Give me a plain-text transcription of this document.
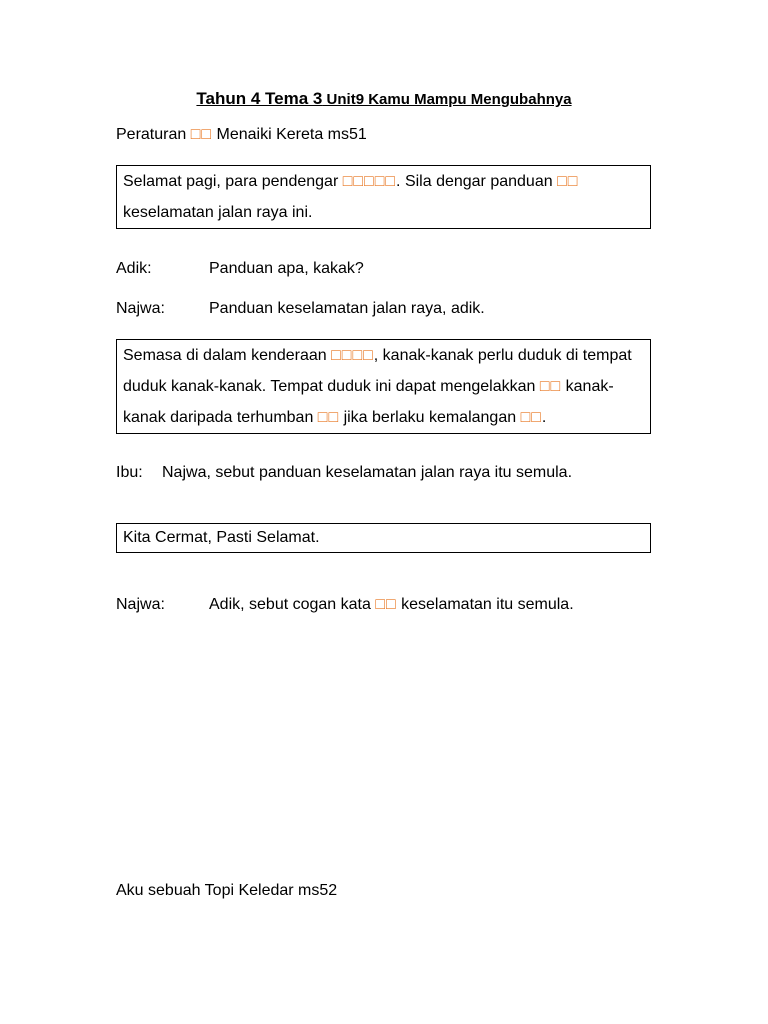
Tahun 4 Tema 3 Unit9 Kamu Mampu Mengubahnya
Peraturan □□ Menaiki Kereta ms51
Selamat pagi, para pendengar □□□□□. Sila dengar panduan □□
keselamatan jalan raya ini.
Adik:	Panduan apa, kakak?
Najwa:	Panduan keselamatan jalan raya, adik.
Semasa di dalam kenderaan □□□□, kanak-kanak perlu duduk di tempat
duduk kanak-kanak. Tempat duduk ini dapat mengelakkan □□ kanak-
kanak daripada terhumban □□ jika berlaku kemalangan □□.
Ibu: Najwa, sebut panduan keselamatan jalan raya itu semula.
Kita Cermat, Pasti Selamat.
Najwa:	Adik, sebut cogan kata □□ keselamatan itu semula.
Aku sebuah Topi Keledar ms52
